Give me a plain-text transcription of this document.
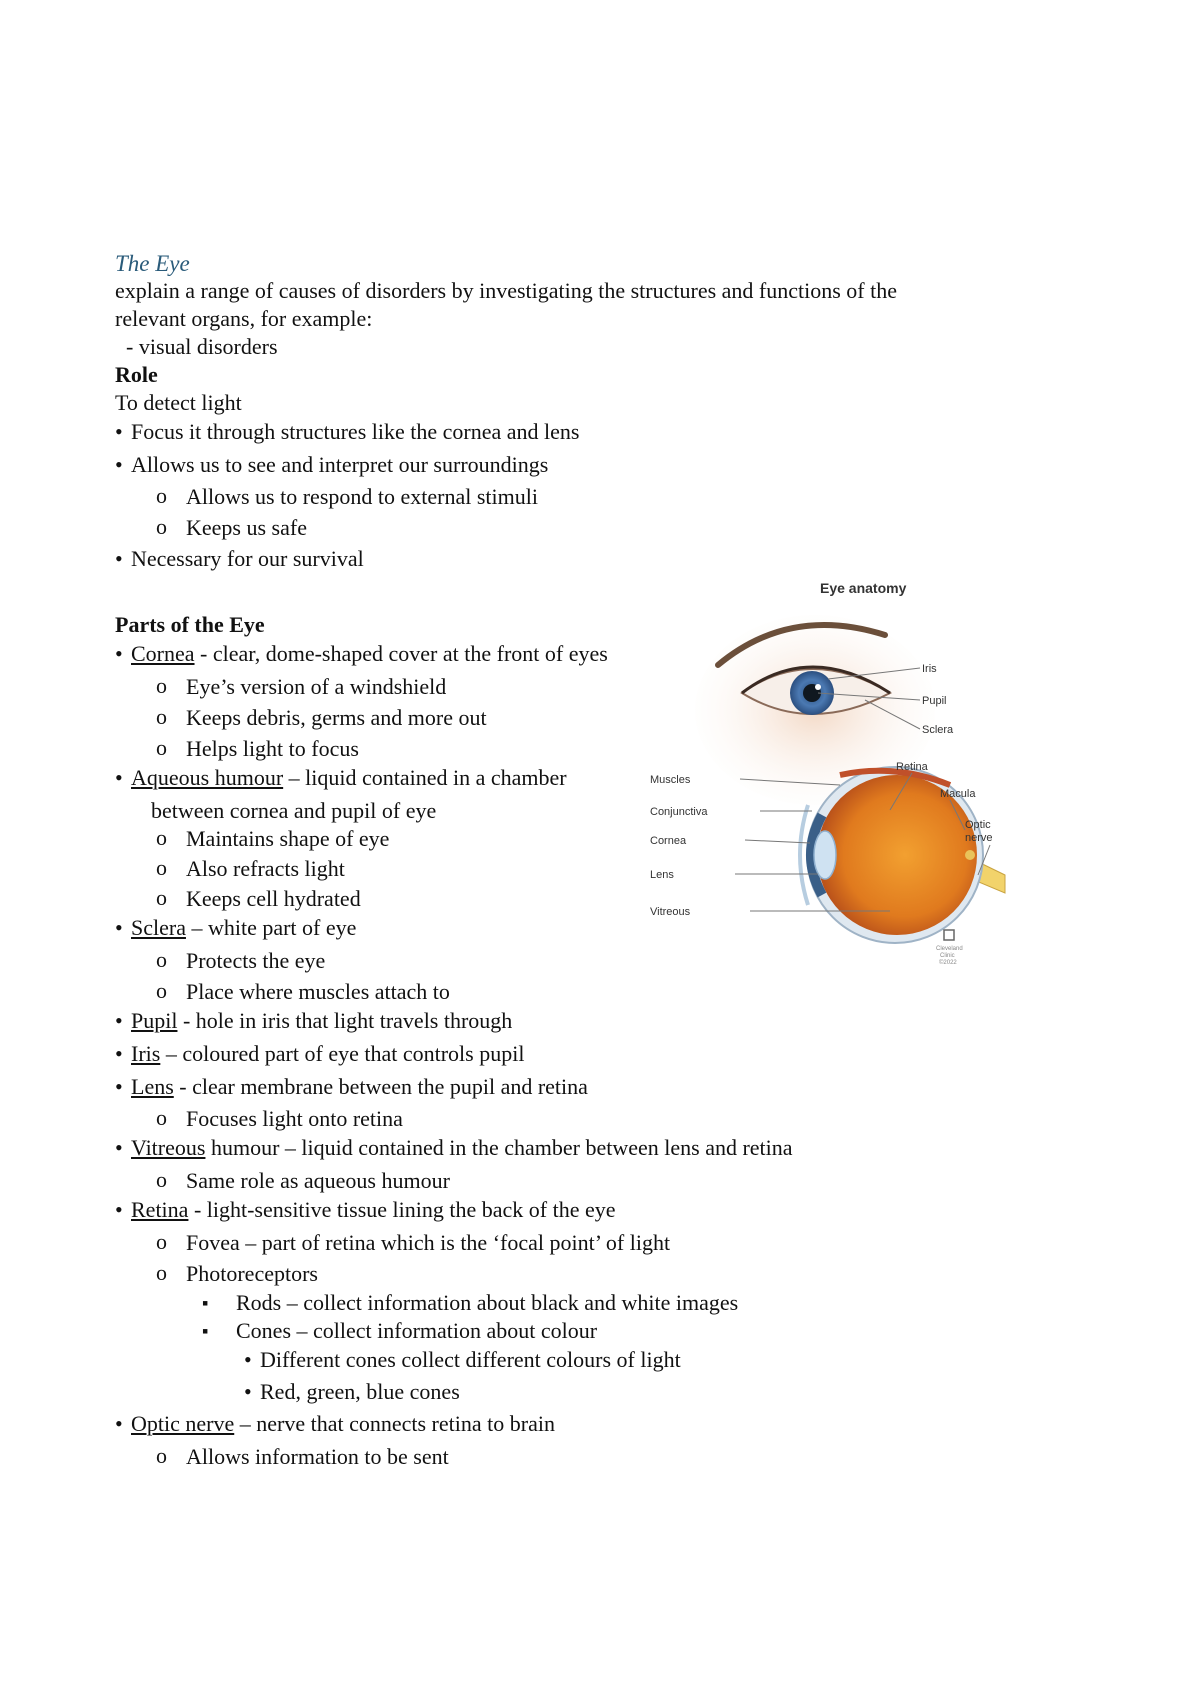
The Eye
explain a range of causes of disorders by investigating the structures and functions of the
relevant organs, for example:
- visual disorders
Role
To detect light
• Focus it through structures like the cornea and lens
• Allows us to see and interpret our surroundings
o Allows us to respond to external stimuli
o Keeps us safe
• Necessary for our survival
Parts of the Eye
• Cornea - clear, dome-shaped cover at the front of eyes
o Eye’s version of a windshield
o Keeps debris, germs and more out
o Helps light to focus
• Aqueous humour – liquid contained in a chamber
between cornea and pupil of eye
o Maintains shape of eye
o Also refracts light
o Keeps cell hydrated
• Sclera – white part of eye
o Protects the eye
o Place where muscles attach to
• Pupil - hole in iris that light travels through
• Iris – coloured part of eye that controls pupil
• Lens - clear membrane between the pupil and retina
o Focuses light onto retina
• Vitreous humour – liquid contained in the chamber between lens and retina
o Same role as aqueous humour
• Retina - light-sensitive tissue lining the back of the eye
o Fovea – part of retina which is the ‘focal point’ of light
o Photoreceptors
▪ Rods – collect information about black and white images
▪ Cones – collect information about colour
• Different cones collect different colours of light
• Red, green, blue cones
• Optic nerve – nerve that connects retina to brain
o Allows information to be sent
Eye anatomy
Iris
Pupil
Sclera
Muscles
Conjunctiva
Cornea
Lens
Vitreous
Retina
Macula
Optic
nerve
Cleveland
Clinic
©2022
